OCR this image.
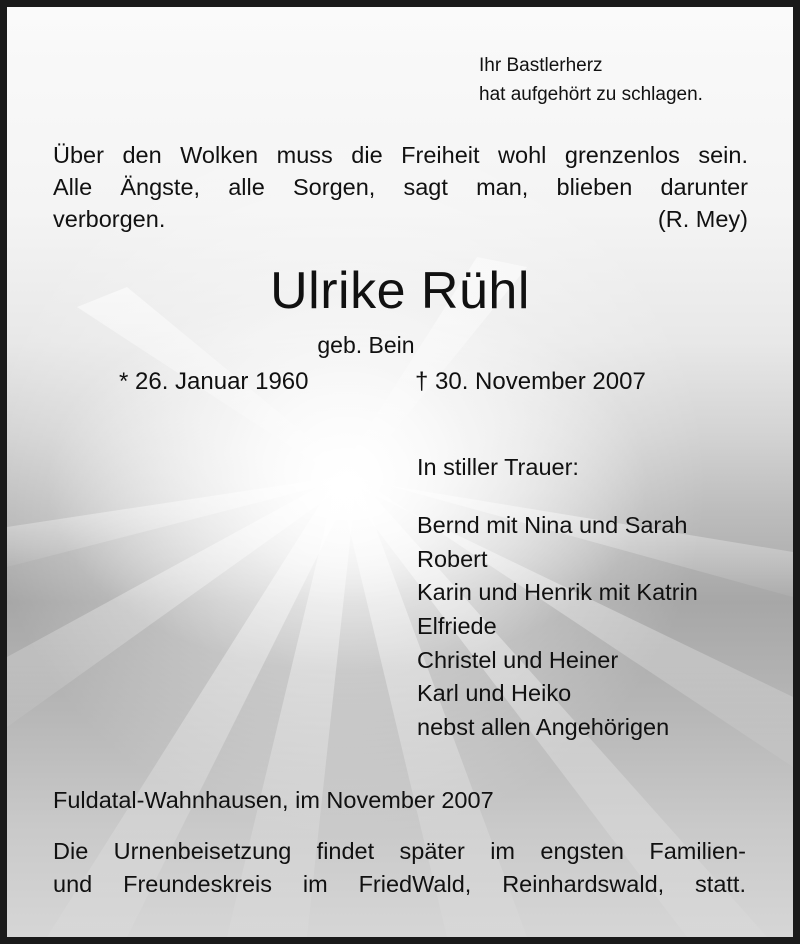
Ihr Bastlerherz
hat aufgehört zu schlagen.
Über den Wolken muss die Freiheit wohl grenzenlos sein.
Alle Ängste, alle Sorgen, sagt man, blieben darunter
verborgen.	(R. Mey)
Ulrike Rühl
geb. Bein
* 26. Januar 1960	† 30. November 2007
In stiller Trauer:
Bernd mit Nina und Sarah
Robert
Karin und Henrik mit Katrin
Elfriede
Christel und Heiner
Karl und Heiko
nebst allen Angehörigen
Fuldatal-Wahnhausen, im November 2007
Die Urnenbeisetzung findet später im engsten Familien-
und Freundeskreis im FriedWald, Reinhardswald, statt.
